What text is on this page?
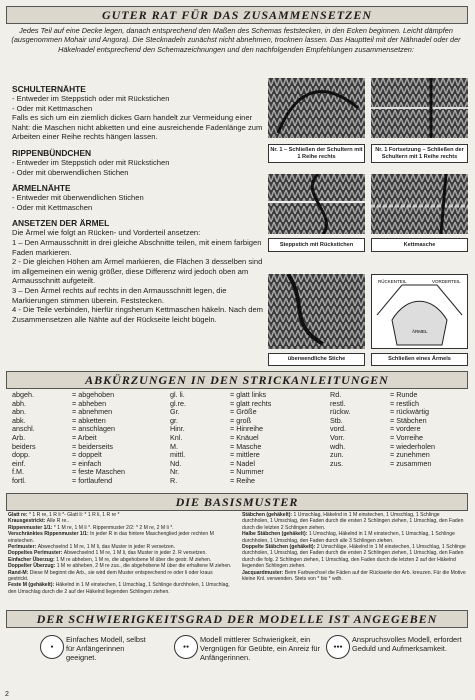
GUTER RAT FÜR DAS ZUSAMMENSETZEN
Jedes Teil auf eine Decke legen, danach entsprechend den Maßen des Schemas feststecken, in den Ecken beginnen. Leicht dämpfen (ausgenommen Mohair und Angora). Die Stecknadeln zunächst nicht abnehmen, trocknen lassen. Das Hauptteil mit der Nähnadel oder der Häkelnadel entsprechend den Schemazeichnungen und den nachfolgenden Empfehlungen zusammensetzen:
SCHULTERNÄHTE

- Entweder im Steppstich oder mit Rückstichen

- Oder mit Kettmaschen

Falls es sich um ein ziemlich dickes Garn handelt zur Vermeidung einer Naht: die Maschen nicht abketten und eine ausreichende Fadenlänge zum Arbeiten einer Reihe rechts hängen lassen.

RIPPENBÜNDCHEN

- Entweder im Steppstich oder mit Rückstichen

- Oder mit überwendlichen Stichen

ÄRMELNÄHTE

- Entweder mit überwendlichen Stichen

- Oder mit Kettmaschen

ANSETZEN DER ÄRMEL

Die Ärmel wie folgt an Rücken- und Vorderteil ansetzen:

1 – Den Armausschnitt in drei gleiche Abschnitte teilen, mit einem farbigen Faden markieren.

2 - Die gleichen Höhen am Ärmel markieren, die Flächen 3 desselben sind im allgemeinen ein wenig größer, diese Differenz wird jedoch oben am Armausschnitt aufgeteilt.

3 – Den Ärmel rechts auf rechts in den Armausschnitt legen, die Markierungen stimmen überein. Feststecken.

4 - Die Teile verbinden, hierfür ringsherum Kettmaschen häkeln. Nach dem Zusammensetzen alle Nähte auf der Rückseite leicht bügeln.

Nr. 1 – Schließen der Schultern mit 1 Reihe rechts
Nr. 1 Fortsetzung – Schließen der Schultern mit 1 Reihe rechts
Steppstich mit Rückstichen	Kettmasche
RÜCKENTEIL	VORDERTEIL
ÄRMEL
überwendliche Stiche	Schließen eines Ärmels
ABKÜRZUNGEN IN DEN STRICKANLEITUNGEN
abgeh.	= abgehoben
abh.	= abheben
abn.	= abnehmen
abk.	= abketten
anschl.	= anschlagen
Arb.	= Arbeit
beiders	= beiderseits
dopp.	= doppelt
einf.	= einfach
f.M.	= feste Maschen
fortl.	= fortlaufend
gl. li.	= glatt links
gl.re.	= glatt rechts
Gr.	= Größe
gr.	= groß
Hinr.	= Hinreihe
Knl.	= Knäuel
M.	= Masche
mittl.	= mittlere
Nd.	= Nadel
Nr.	= Nummer
R.	= Reihe
Rd.	= Runde
restl.	= restlich
rückw.	= rückwärtig
Stb.	= Stäbchen
vord.	= vordere
Vorr.	= Vorreihe
wdh.	= wiederholen
zun.	= zunehmen
zus.	= zusammen
DIE BASISMUSTER

Glatt re: * 1 R re, 1 R li *- Glatt li: * 1 R li, 1 R re *

Krausgestrickt: Alle R re..

Rippenmuster 1/1: * 1 M re, 1 M li *. Rippenmuster 2/2: * 2 M re, 2 M li *.

Verschränktes Rippenmuster 1/1: In jeder R in das hintere Maschenglied jeder rechten M einstechen.

Perlmuster: Abwechselnd 1 M re, 1 M li, das Muster in jeder R versetzen.

Doppeltes Perlmuster: Abwechselnd 1 M re, 1 M li, das Muster in jeder 2. R versetzen.

Einfacher Überzug: 1 M re abheben, 1 M re, die abgehobene M über die gestr. M ziehen.

Doppelter Überzug: 1 M re abheben, 2 M re zus., die abgehobene M über die erhaltene M ziehen.

Rand-M: Diese M beginnt die Arb., sie wird dem Muster entsprechend re oder li oder kraus gestrickt.

Feste M (gehäkelt): Häkelnd in 1 M einstechen, 1 Umschlag, 1 Schlinge durchholen, 1 Umschlag, den Umschlag durch die 2 auf der Häkelnd liegenden Schlingen ziehen.

Stäbchen (gehäkelt): 1 Umschlag, Häkelnd in 1 M einstechen, 1 Umschlag, 1 Schlinge durchholen, 1 Umschlag, den Faden durch die ersten 2 Schlingen ziehen, 1 Umschlag, den Faden durch die letzten 2 Schlingen ziehen.

Halbe Stäbchen (gehäkelt): 1 Umschlag, Häkelnd in 1 M einstechen, 1 Umschlag, 1 Schlinge durchholen, 1 Umschlag, den Faden durch alle 3 Schlingen ziehen.

Doppelte Stäbchen (gehäkelt): 2 Umschläge, Häkelnd in 1 M einstechen, 1 Umschlag, 1 Schlinge durchholen, 1 Umschlag, den Faden durch die ersten 2 Schlingen ziehen, 1 Umschlag, den Faden durch die folg. 2 Schlingen ziehen, 1 Umschlag, den Faden durch die letzten 2 auf der Häkelnd liegenden Schlingen ziehen.

Jacquardmuster: Beim Farbwechsel die Fäden auf der Rückseite der Arb. kreuzen. Für die Motive kleine Knl. verwenden. Stets von * bis * wdh.

DER SCHWIERIGKEITSGRAD DER MODELLE IST ANGEGEBEN
●
Einfaches Modell, selbst für Anfängerinnen geeignet.
●●
Modell mittlerer Schwierigkeit, ein Vergnügen für Geübte, ein Anreiz für Anfängerinnen.
●●●
Anspruchsvolles Modell, erfordert Geduld und Aufmerksamkeit.
2
